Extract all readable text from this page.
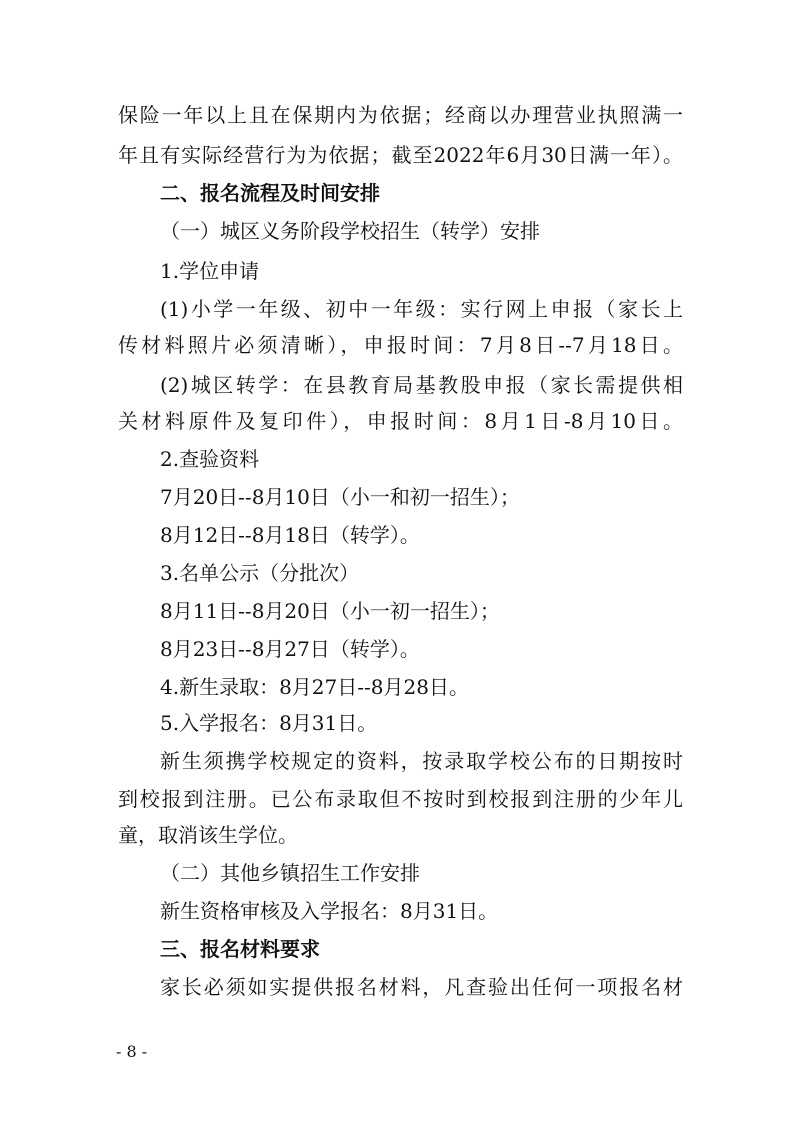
保险一年以上且在保期内为依据；经商以办理营业执照满一
年且有实际经营行为为依据；截至2022年6月30日满一年）。
二、报名流程及时间安排
（一）城区义务阶段学校招生（转学）安排
1.学位申请
(1)小学一年级、初中一年级：实行网上申报（家长上
传材料照片必须清晰），申报时间：7月8日--7月18日。
(2)城区转学：在县教育局基教股申报（家长需提供相
关材料原件及复印件），申报时间：8月1日-8月10日。
2.查验资料
7月20日--8月10日（小一和初一招生）；
8月12日--8月18日（转学）。
3.名单公示（分批次）
8月11日--8月20日（小一初一招生）；
8月23日--8月27日（转学）。
4.新生录取：8月27日--8月28日。
5.入学报名：8月31日。
新生须携学校规定的资料，按录取学校公布的日期按时
到校报到注册。已公布录取但不按时到校报到注册的少年儿
童，取消该生学位。
（二）其他乡镇招生工作安排
新生资格审核及入学报名：8月31日。
三、报名材料要求
家长必须如实提供报名材料，凡查验出任何一项报名材
- 8 -
